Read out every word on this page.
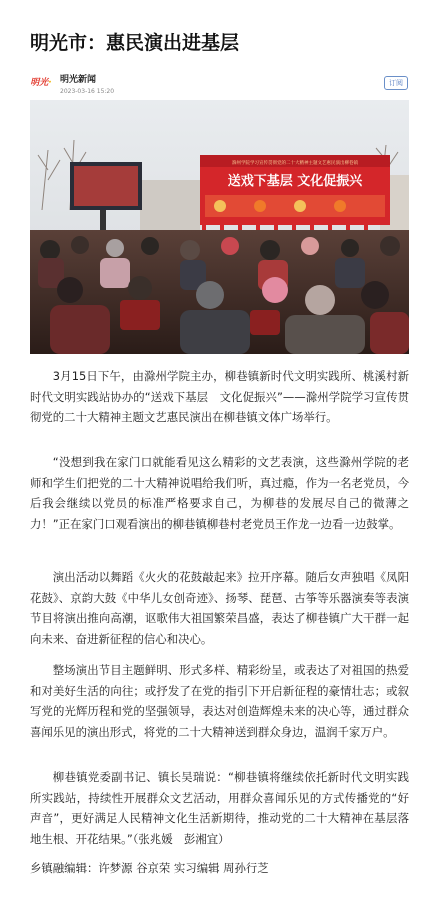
明光市：惠民演出进基层
明光· 明光新闻
2023-03-16 15:20
订阅
滁州学院学习宣传贯彻党的二十大精神主题文艺惠民演出柳巷镇
送戏下基层 文化促振兴

3月15日下午，由滁州学院主办，柳巷镇新时代文明实践所、桃溪村新时代文明实践站协办的“送戏下基层　文化促振兴”——滁州学院学习宣传贯彻党的二十大精神主题文艺惠民演出在柳巷镇文体广场举行。

“没想到我在家门口就能看见这么精彩的文艺表演，这些滁州学院的老师和学生们把党的二十大精神说唱给我们听，真过瘾，作为一名老党员，今后我会继续以党员的标准严格要求自己，为柳巷的发展尽自己的微薄之力！”正在家门口观看演出的柳巷镇柳巷村老党员王作龙一边看一边鼓掌。

演出活动以舞蹈《火火的花鼓敲起来》拉开序幕。随后女声独唱《凤阳花鼓》、京韵大鼓《中华儿女创奇迹》、扬琴、琵琶、古筝等乐器演奏等表演节目将演出推向高潮，讴歌伟大祖国繁荣昌盛，表达了柳巷镇广大干群一起向未来、奋进新征程的信心和决心。

整场演出节目主题鲜明、形式多样、精彩纷呈，或表达了对祖国的热爱和对美好生活的向往；或抒发了在党的指引下开启新征程的豪情壮志；或叙写党的光辉历程和党的坚强领导，表达对创造辉煌未来的决心等，通过群众喜闻乐见的演出形式，将党的二十大精神送到群众身边，温润千家万户。

柳巷镇党委副书记、镇长吴瑞说：“柳巷镇将继续依托新时代文明实践所实践站，持续性开展群众文艺活动，用群众喜闻乐见的方式传播党的“好声音”，更好满足人民精神文化生活新期待，推动党的二十大精神在基层落地生根、开花结果。”（张兆媛　彭湘宜）

乡镇融编辑：许梦源 谷京荣 实习编辑 周孙行芝
